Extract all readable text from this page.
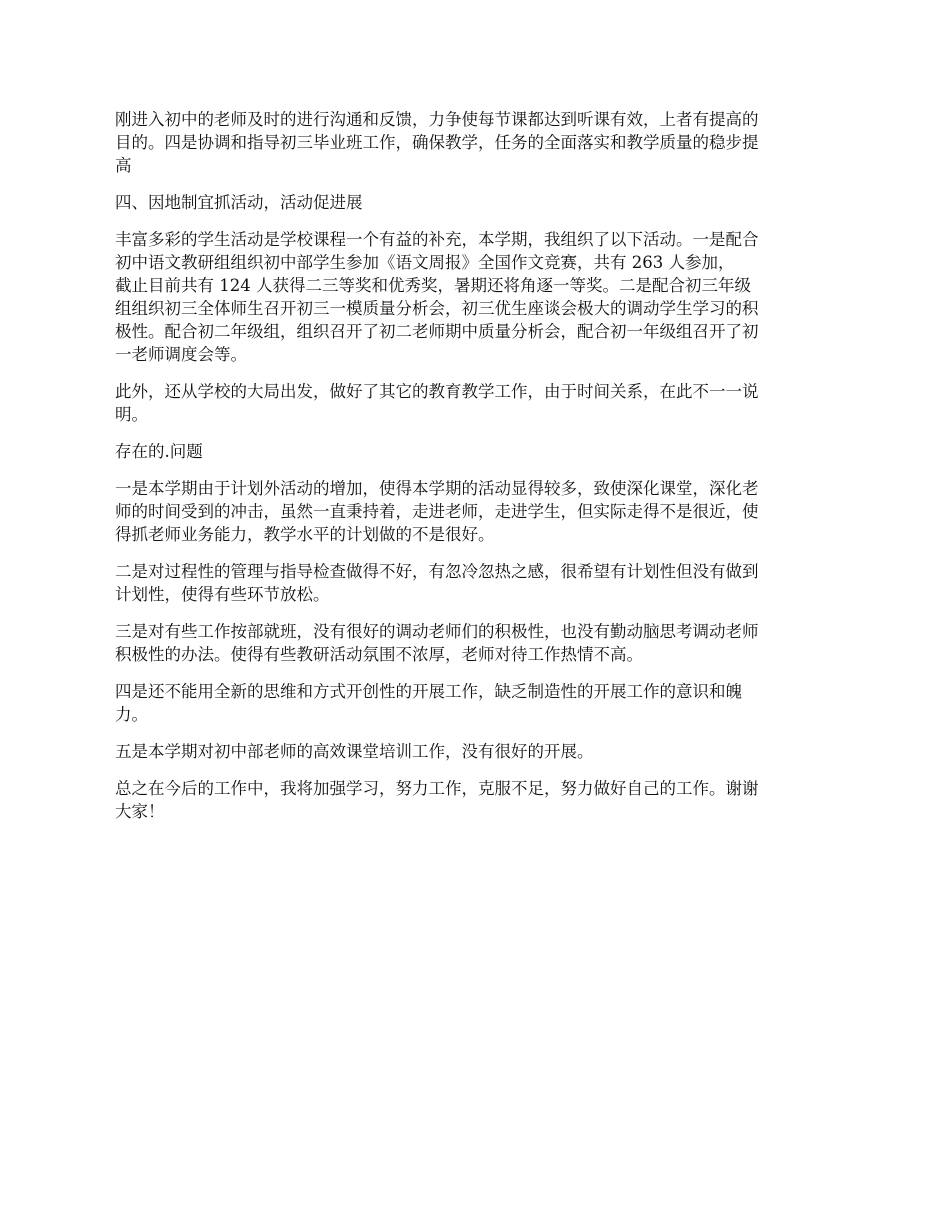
刚进入初中的老师及时的进行沟通和反馈，力争使每节课都达到听课有效，上者有提高的
目的。四是协调和指导初三毕业班工作，确保教学，任务的全面落实和教学质量的稳步提
高

四、因地制宜抓活动，活动促进展

丰富多彩的学生活动是学校课程一个有益的补充，本学期，我组织了以下活动。一是配合
初中语文教研组组织初中部学生参加《语文周报》全国作文竞赛，共有 263 人参加，
截止目前共有 124 人获得二三等奖和优秀奖，暑期还将角逐一等奖。二是配合初三年级
组组织初三全体师生召开初三一模质量分析会，初三优生座谈会极大的调动学生学习的积
极性。配合初二年级组，组织召开了初二老师期中质量分析会，配合初一年级组召开了初
一老师调度会等。

此外，还从学校的大局出发，做好了其它的教育教学工作，由于时间关系，在此不一一说
明。

存在的.问题

一是本学期由于计划外活动的增加，使得本学期的活动显得较多，致使深化课堂，深化老
师的时间受到的冲击，虽然一直秉持着，走进老师，走进学生，但实际走得不是很近，使
得抓老师业务能力，教学水平的计划做的不是很好。

二是对过程性的管理与指导检查做得不好，有忽冷忽热之感，很希望有计划性但没有做到
计划性，使得有些环节放松。

三是对有些工作按部就班，没有很好的调动老师们的积极性，也没有勤动脑思考调动老师
积极性的办法。使得有些教研活动氛围不浓厚，老师对待工作热情不高。

四是还不能用全新的思维和方式开创性的开展工作，缺乏制造性的开展工作的意识和魄
力。

五是本学期对初中部老师的高效课堂培训工作，没有很好的开展。

总之在今后的工作中，我将加强学习，努力工作，克服不足，努力做好自己的工作。谢谢
大家！
